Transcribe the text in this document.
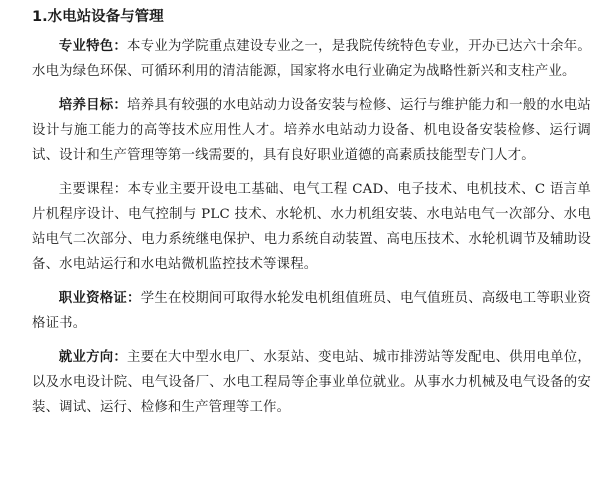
1.水电站设备与管理

专业特色：本专业为学院重点建设专业之一，是我院传统特色专业，开办已达六十余年。水电为绿色环保、可循环利用的清洁能源，国家将水电行业确定为战略性新兴和支柱产业。

培养目标：培养具有较强的水电站动力设备安装与检修、运行与维护能力和一般的水电站设计与施工能力的高等技术应用性人才。培养水电站动力设备、机电设备安装检修、运行调试、设计和生产管理等第一线需要的，具有良好职业道德的高素质技能型专门人才。

主要课程：本专业主要开设电工基础、电气工程 CAD、电子技术、电机技术、C 语言单片机程序设计、电气控制与 PLC 技术、水轮机、水力机组安装、水电站电气一次部分、水电站电气二次部分、电力系统继电保护、电力系统自动装置、高电压技术、水轮机调节及辅助设备、水电站运行和水电站微机监控技术等课程。

职业资格证：学生在校期间可取得水轮发电机组值班员、电气值班员、高级电工等职业资格证书。

就业方向：主要在大中型水电厂、水泵站、变电站、城市排涝站等发配电、供用电单位，以及水电设计院、电气设备厂、水电工程局等企事业单位就业。从事水力机械及电气设备的安装、调试、运行、检修和生产管理等工作。
